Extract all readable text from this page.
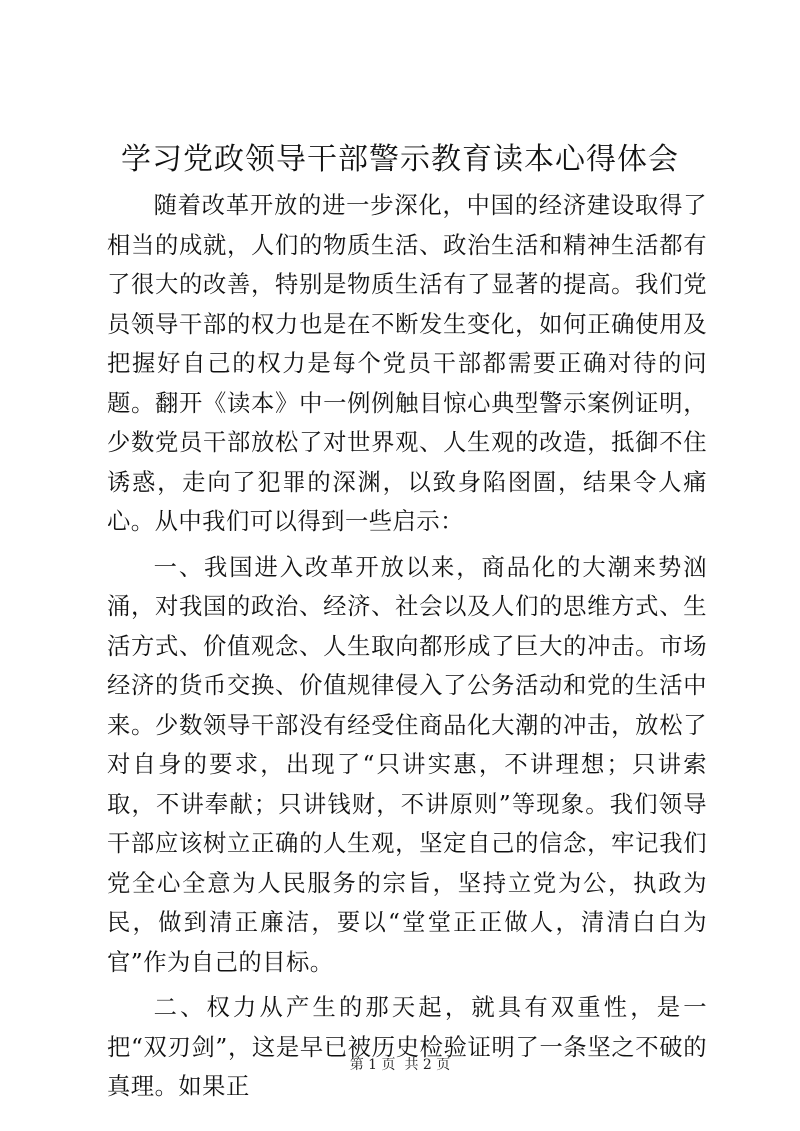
学习党政领导干部警示教育读本心得体会

随着改革开放的进一步深化，中国的经济建设取得了相当的成就，人们的物质生活、政治生活和精神生活都有了很大的改善，特别是物质生活有了显著的提高。我们党员领导干部的权力也是在不断发生变化，如何正确使用及把握好自己的权力是每个党员干部都需要正确对待的问题。翻开《读本》中一例例触目惊心典型警示案例证明，少数党员干部放松了对世界观、人生观的改造，抵御不住诱惑，走向了犯罪的深渊，以致身陷囹圄，结果令人痛心。从中我们可以得到一些启示：

一、我国进入改革开放以来，商品化的大潮来势汹涌，对我国的政治、经济、社会以及人们的思维方式、生活方式、价值观念、人生取向都形成了巨大的冲击。市场经济的货币交换、价值规律侵入了公务活动和党的生活中来。少数领导干部没有经受住商品化大潮的冲击，放松了对自身的要求，出现了“只讲实惠，不讲理想；只讲索取，不讲奉献；只讲钱财，不讲原则”等现象。我们领导干部应该树立正确的人生观，坚定自己的信念，牢记我们党全心全意为人民服务的宗旨，坚持立党为公，执政为民，做到清正廉洁，要以“堂堂正正做人，清清白白为官”作为自己的目标。

二、权力从产生的那天起，就具有双重性，是一把“双刃剑”，这是早已被历史检验证明了一条坚之不破的真理。如果正

第 1 页  共 2 页
